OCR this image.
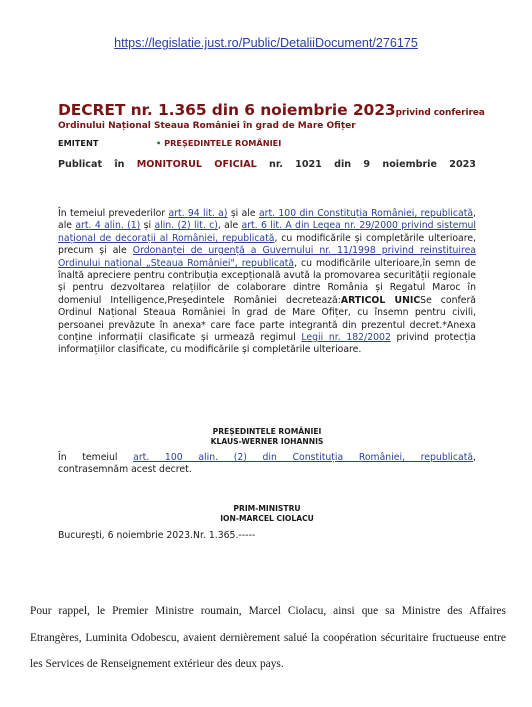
https://legislatie.just.ro/Public/DetaliiDocument/276175
DECRET nr. 1.365 din 6 noiembrie 2023privind conferirea
Ordinului Național Steaua României în grad de Mare Ofițer
EMITENT
•	PREȘEDINTELE ROMÂNIEI
Publicat în MONITORUL OFICIAL nr. 1021 din 9 noiembrie 2023
În temeiul prevederilor art. 94 lit. a) și ale art. 100 din Constituția României, republicată, ale art. 4 alin. (1) și alin. (2) lit. c), ale art. 6 lit. A din Legea nr. 29/2000 privind sistemul național de decorații al României, republicată, cu modificările și completările ulterioare, precum și ale Ordonanței de urgență a Guvernului nr. 11/1998 privind reinstituirea Ordinului național „Steaua României", republicată, cu modificările ulterioare,în semn de înaltă apreciere pentru contribuția excepțională avută la promovarea securității regionale și pentru dezvoltarea relațiilor de colaborare dintre România și Regatul Maroc în domeniul Intelligence,Președintele României decretează:ARTICOL UNICSe conferă Ordinul Național Steaua României în grad de Mare Ofițer, cu însemn pentru civili, persoanei prevăzute în anexa* care face parte integrantă din prezentul decret.*Anexa conține informații clasificate și urmează regimul Legii nr. 182/2002 privind protecția informațiilor clasificate, cu modificările și completările ulterioare.
PREȘEDINTELE ROMÂNIEI
KLAUS-WERNER IOHANNIS
În temeiul art. 100 alin. (2) din Constituția României, republicată,
contrasemnăm acest decret.
PRIM-MINISTRU
ION-MARCEL CIOLACU
București, 6 noiembrie 2023.Nr. 1.365.-----
Pour rappel, le Premier Ministre roumain, Marcel Ciolacu, ainsi que sa Ministre des Affaires Etrangères, Luminita Odobescu, avaient dernièrement salué la coopération sécuritaire fructueuse entre les Services de Renseignement extérieur des deux pays.
